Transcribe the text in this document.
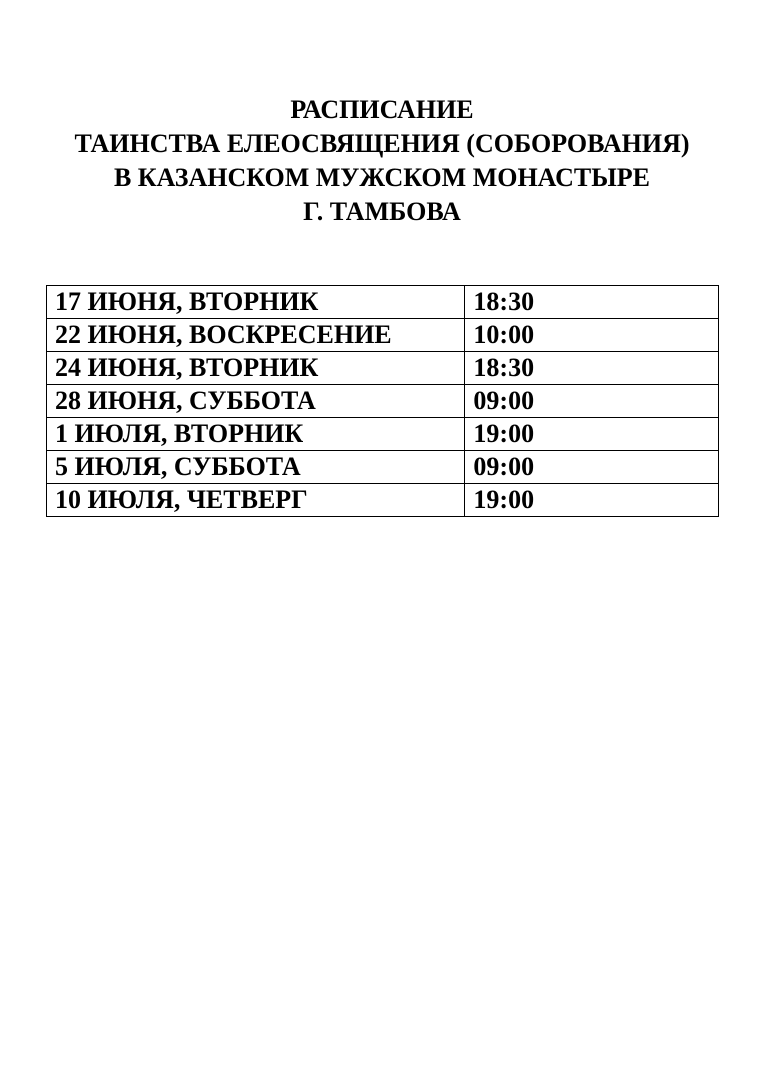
РАСПИСАНИЕ
ТАИНСТВА ЕЛЕОСВЯЩЕНИЯ (СОБОРОВАНИЯ)
В КАЗАНСКОМ МУЖСКОМ МОНАСТЫРЕ
Г. ТАМБОВА
17 ИЮНЯ, ВТОРНИК	18:30
22 ИЮНЯ, ВОСКРЕСЕНИЕ	10:00
24 ИЮНЯ, ВТОРНИК	18:30
28 ИЮНЯ, СУББОТА	09:00
1 ИЮЛЯ, ВТОРНИК	19:00
5 ИЮЛЯ, СУББОТА	09:00
10 ИЮЛЯ, ЧЕТВЕРГ	19:00
